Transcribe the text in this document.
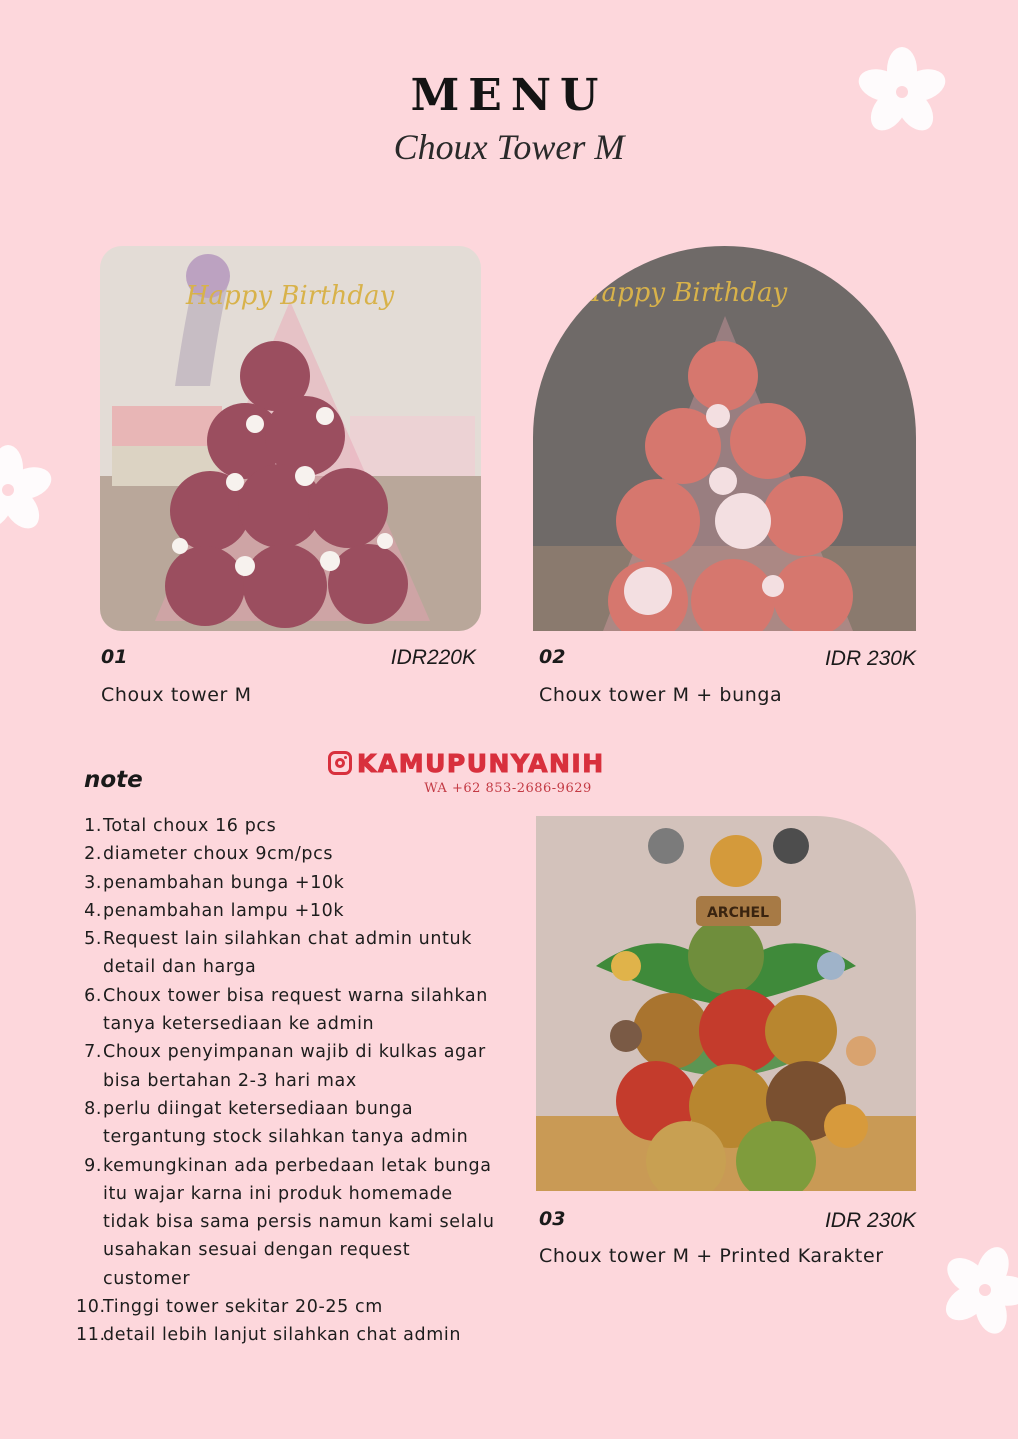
MENU
Choux Tower M
Happy Birthday	Happy Birthday
01	IDR220K
Choux tower M
02	IDR 230K
Choux tower M + bunga
KAMUPUNYANIH
WA +62 853-2686-9629
note
1. Total choux 16 pcs
2. diameter choux 9cm/pcs
3. penambahan bunga +10k
4. penambahan lampu +10k
5. Request lain silahkan chat admin untuk detail dan harga
6. Choux tower bisa request warna silahkan tanya ketersediaan ke admin
7. Choux penyimpanan wajib di kulkas agar bisa bertahan 2-3 hari max
8. perlu diingat ketersediaan bunga tergantung stock silahkan tanya admin
9. kemungkinan ada perbedaan letak bunga itu wajar karna ini produk homemade tidak bisa sama persis namun kami selalu usahakan sesuai dengan request customer
10.
Tinggi tower sekitar 20-25 cm
11.
detail lebih lanjut silahkan chat admin
ARCHEL
03	IDR 230K
Choux tower M + Printed Karakter
